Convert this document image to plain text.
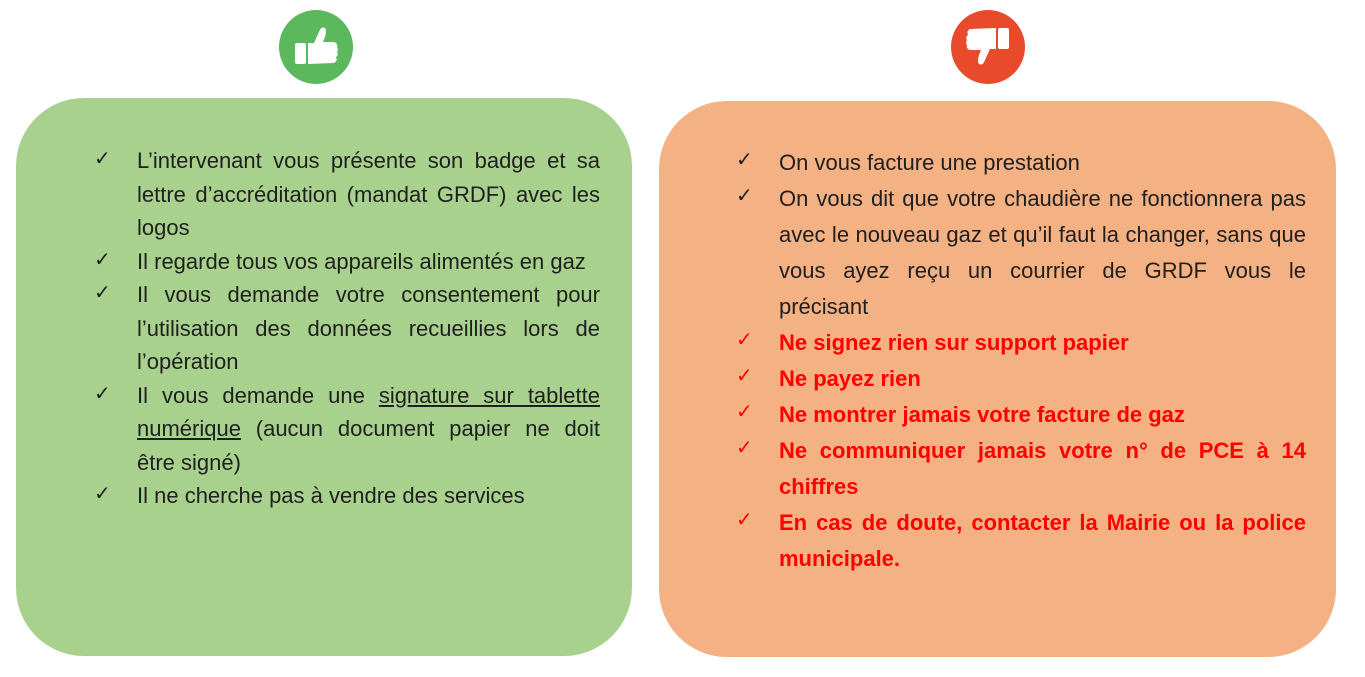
✓ L’intervenant vous présente son badge et sa lettre d’accréditation (mandat GRDF) avec les logos
✓ Il regarde tous vos appareils alimentés en gaz
✓ Il vous demande votre consentement pour l’utilisation des données recueillies lors de l’opération
✓ Il vous demande une signature sur tablette numérique (aucun document papier ne doit être signé)
✓ Il ne cherche pas à vendre des services
✓ On vous facture une prestation
✓ On vous dit que votre chaudière ne fonctionnera pas avec le nouveau gaz et qu’il faut la changer, sans que vous ayez reçu un courrier de GRDF vous le précisant
✓ Ne signez rien sur support papier
✓ Ne payez rien
✓ Ne montrer jamais votre facture de gaz
✓ Ne communiquer jamais votre n° de PCE à 14 chiffres
✓ En cas de doute, contacter la Mairie ou la police municipale.
